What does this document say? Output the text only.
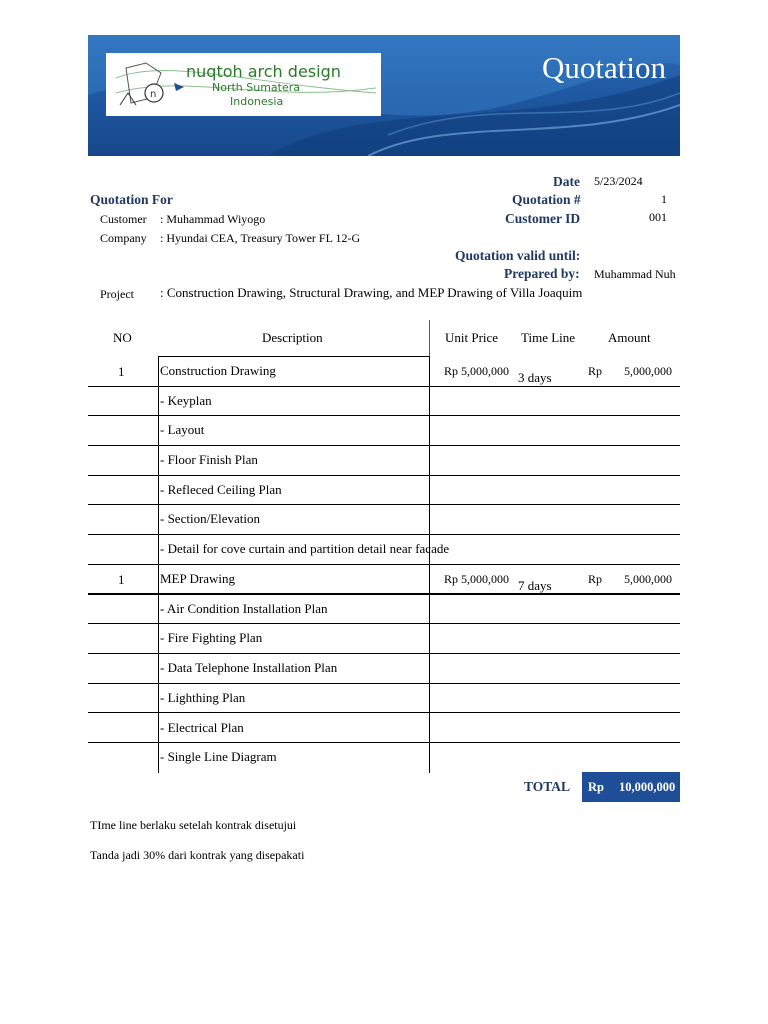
n
nuqtoh arch design
North Sumatera
Indonesia
Quotation
Date 5/23/2024
Quotation #	1
Customer ID	001
Quotation valid until:
Prepared by: Muhammad Nuh
Quotation For
Customer : Muhammad Wiyogo
Company : Hyundai CEA, Treasury Tower FL 12-G
Project : Construction Drawing, Structural Drawing, and MEP Drawing of Villa Joaquim
NO	Description	Unit Price Time Line	Amount
1	Construction Drawing	Rp 5,000,000 3 days	Rp 5,000,000
- Keyplan
- Layout
- Floor Finish Plan
- Refleced Ceiling Plan
- Section/Elevation
- Detail for cove curtain and partition detail near facade
1	MEP Drawing	Rp 5,000,000 7 days	Rp 5,000,000
- Air Condition Installation Plan
- Fire Fighting Plan
- Data Telephone Installation Plan
- Lighthing Plan
- Electrical Plan
- Single Line Diagram
TOTAL Rp 10,000,000
TIme line berlaku setelah kontrak disetujui
Tanda jadi 30% dari kontrak yang disepakati
